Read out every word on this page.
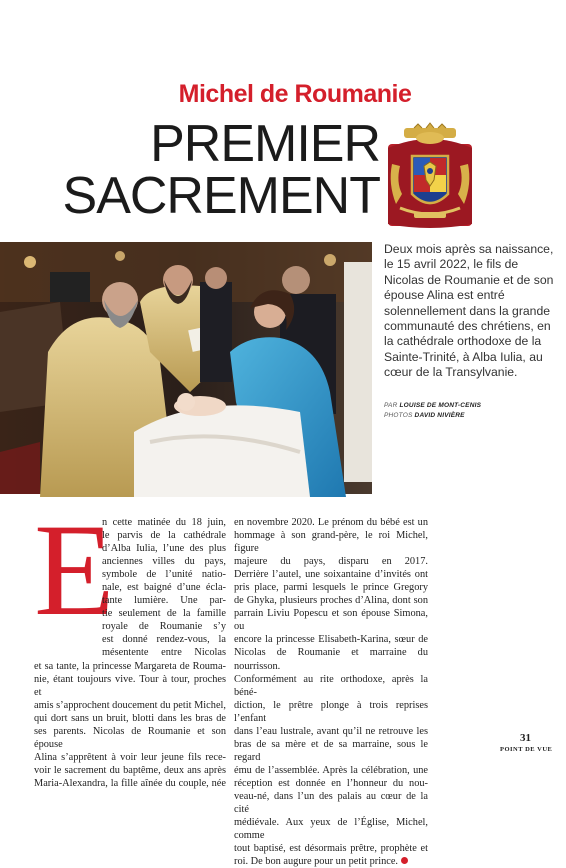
Michel de Roumanie
PREMIER
SACREMENT
Deux mois après sa naissance, le 15 avril 2022, le fils de Nicolas de Roumanie et de son épouse Alina est entré solennellement dans la grande communauté des chrétiens, en la cathédrale orthodoxe de la Sainte-Trinité, à Alba Iulia, au cœur de la Transylvanie.
PAR LOUISE DE MONT-CENIS
PHOTOS DAVID NIVIÈRE
E
n cette matinée du 18 juin,
le parvis de la cathédrale
d’Alba Iulia, l’une des plus
anciennes villes du pays,
symbole de l’unité natio-
nale, est baigné d’une écla-
tante lumière. Une par-
tie seulement de la famille
royale de Roumanie s’y
est donné rendez-vous, la
mésentente entre Nicolas
et sa tante, la princesse Margareta de Rouma-
nie, étant toujours vive. Tour à tour, proches et
amis s’approchent doucement du petit Michel,
qui dort sans un bruit, blotti dans les bras de
ses parents. Nicolas de Roumanie et son épouse
Alina s’apprêtent à voir leur jeune fils rece-
voir le sacrement du baptême, deux ans après
Maria-Alexandra, la fille aînée du couple, née
en novembre 2020. Le prénom du bébé est un
hommage à son grand-père, le roi Michel, figure
majeure du pays, disparu en 2017.
Derrière l’autel, une soixantaine d’invités ont
pris place, parmi lesquels le prince Gregory
de Ghyka, plusieurs proches d’Alina, dont son
parrain Liviu Popescu et son épouse Simona, ou
encore la princesse Elisabeth-Karina, sœur de
Nicolas de Roumanie et marraine du nourrisson.
Conformément au rite orthodoxe, après la béné-
diction, le prêtre plonge à trois reprises l’enfant
dans l’eau lustrale, avant qu’il ne retrouve les
bras de sa mère et de sa marraine, sous le regard
ému de l’assemblée. Après la célébration, une
réception est donnée en l’honneur du nou-
veau-né, dans l’un des palais au cœur de la cité
médiévale. Aux yeux de l’Église, Michel, comme
tout baptisé, est désormais prêtre, prophète et
roi. De bon augure pour un petit prince.
31
POINT DE VUE
